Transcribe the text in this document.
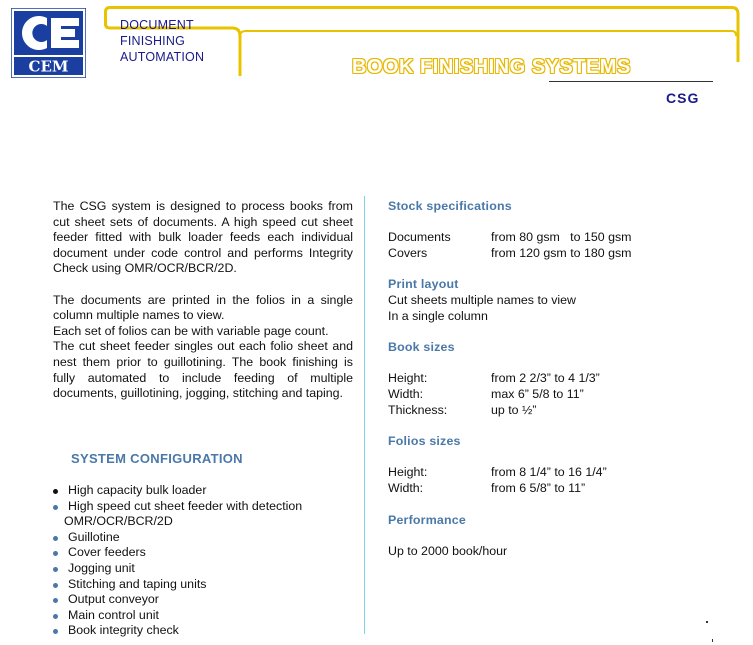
CEM
DOCUMENT
FINISHING
AUTOMATION	BOOK FINISHING SYSTEMS
CSG

The CSG system is designed to process books from cut sheet sets of documents. A high speed cut sheet feeder fitted with bulk loader feeds each individual document under code control and performs Integrity Check using OMR/OCR/BCR/2D.

The documents are printed in the folios in a single column multiple names to view.

Each set of folios can be with variable page count.

The cut sheet feeder singles out each folio sheet and nest them prior to guillotining. The book finishing is fully automated to include feeding of multiple documents, guillotining, jogging, stitching and taping.

SYSTEM CONFIGURATION
High capacity bulk loader
High speed cut sheet feeder with detection
OMR/OCR/BCR/2D
Guillotine
Cover feeders
Jogging unit
Stitching and taping units
Output conveyor
Main control unit
Book integrity check
Stock specifications
Documents	from 80 gsm   to 150 gsm
Covers	from 120 gsm to 180 gsm
Print layout
Cut sheets multiple names to view
In a single column
Book sizes
Height:	from 2 2/3” to 4 1/3”
Width:	max 6” 5/8 to 11”
Thickness:	up to ½”
Folios sizes
Height:	from 8 1/4” to 16 1/4”
Width:	from 6 5/8” to 11”
Performance
Up to 2000 book/hour
